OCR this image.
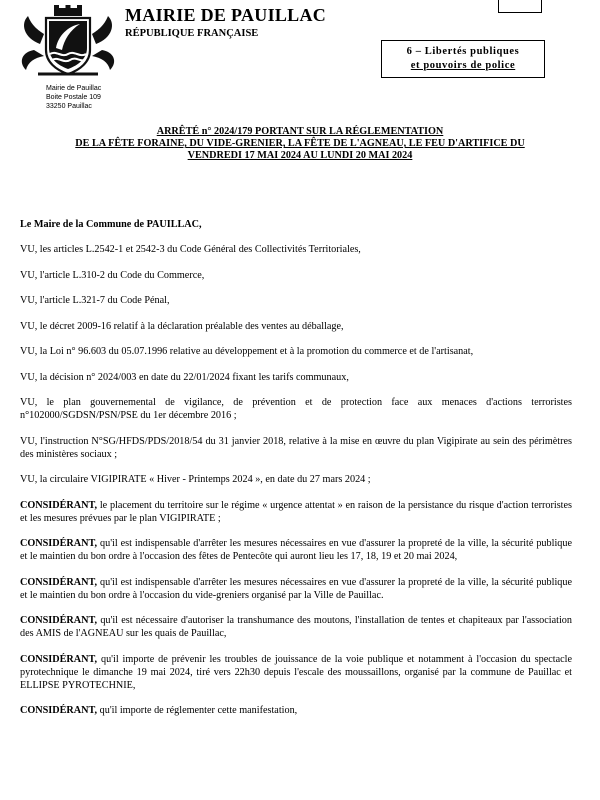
MAIRIE DE PAUILLAC
RÉPUBLIQUE FRANÇAISE
Mairie de Pauillac
Boite Postale 109
33250 Pauillac
6 – Libertés publiques
et pouvoirs de police
ARRÊTÉ n° 2024/179 PORTANT SUR LA RÉGLEMENTATION
DE LA FÊTE FORAINE, DU VIDE-GRENIER, LA FÊTE DE L'AGNEAU, LE FEU D'ARTIFICE DU
VENDREDI 17 MAI 2024 AU LUNDI 20 MAI 2024

Le Maire de la Commune de PAUILLAC,

VU, les articles L.2542-1 et 2542-3 du Code Général des Collectivités Territoriales,

VU, l'article L.310-2 du Code du Commerce,

VU, l'article L.321-7 du Code Pénal,

VU, le décret 2009-16 relatif à la déclaration préalable des ventes au déballage,

VU, la Loi n° 96.603 du 05.07.1996 relative au développement et à la promotion du commerce et de l'artisanat,

VU, la décision n° 2024/003 en date du 22/01/2024 fixant les tarifs communaux,

VU, le plan gouvernemental de vigilance, de prévention et de protection face aux menaces d'actions terroristes n°102000/SGDSN/PSN/PSE du 1er décembre 2016 ;

VU, l'instruction N°SG/HFDS/PDS/2018/54 du 31 janvier 2018, relative à la mise en œuvre du plan Vigipirate au sein des périmètres des ministères sociaux ;

VU, la circulaire VIGIPIRATE « Hiver - Printemps 2024 », en date du 27 mars 2024 ;

CONSIDÉRANT, le placement du territoire sur le régime « urgence attentat » en raison de la persistance du risque d'action terroristes et les mesures prévues par le plan VIGIPIRATE ;

CONSIDÉRANT, qu'il est indispensable d'arrêter les mesures nécessaires en vue d'assurer la propreté de la ville, la sécurité publique et le maintien du bon ordre à l'occasion des fêtes de Pentecôte qui auront lieu les 17, 18, 19 et 20 mai 2024,

CONSIDÉRANT, qu'il est indispensable d'arrêter les mesures nécessaires en vue d'assurer la propreté de la ville, la sécurité publique et le maintien du bon ordre à l'occasion du vide-greniers organisé par la Ville de Pauillac.

CONSIDÉRANT, qu'il est nécessaire d'autoriser la transhumance des moutons, l'installation de tentes et chapiteaux par l'association des AMIS de l'AGNEAU sur les quais de Pauillac,

CONSIDÉRANT, qu'il importe de prévenir les troubles de jouissance de la voie publique et notamment à l'occasion du spectacle pyrotechnique le dimanche 19 mai 2024, tiré vers 22h30 depuis l'escale des moussaillons, organisé par la commune de Pauillac et ELLIPSE PYROTECHNIE,

CONSIDÉRANT, qu'il importe de réglementer cette manifestation,
